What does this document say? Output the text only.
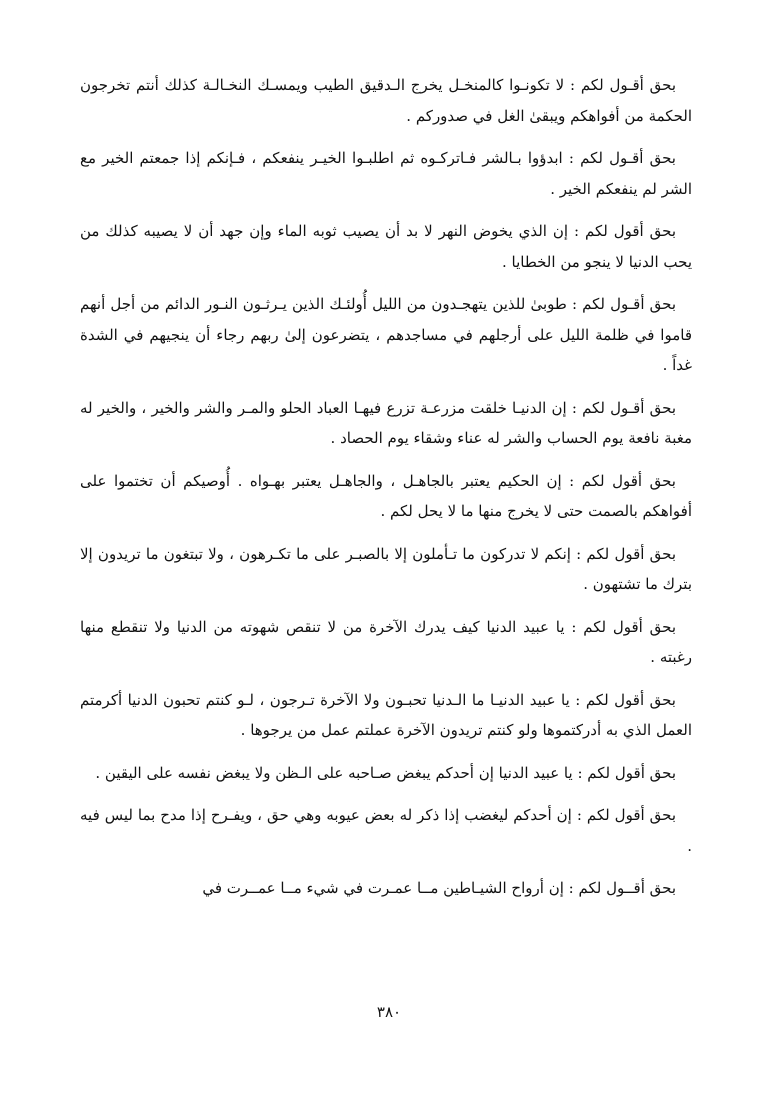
بحق أقـول لكم : لا تكونـوا كالمنخـل يخرج الـدقيق الطيب ويمسـك النخـالـة كذلك أنتم تخرجون الحكمة من أفواهكم ويبقىٰ الغل في صدوركم .

بحق أقـول لكم : ابدؤوا بـالشر فـاتركـوه ثم اطلبـوا الخيـر ينفعكم ، فـإنكم إذا جمعتم الخير مع الشر لم ينفعكم الخير .

بحق أقول لكم : إن الذي يخوض النهر لا بد أن يصيب ثوبه الماء وإن جهد أن لا يصيبه كذلك من يحب الدنيا لا ينجو من الخطايا .

بحق أقـول لكم : طوبىٰ للذين يتهجـدون من الليل أُولئـك الذين يـرثـون النـور الدائم من أجل أنهم قاموا في ظلمة الليل على أرجلهم في مساجدهم ، يتضرعون إلىٰ ربهم رجاء أن ينجيهم في الشدة غداً .

بحق أقـول لكم : إن الدنيـا خلقت مزرعـة تزرع فيهـا العباد الحلو والمـر والشر والخير ، والخير له مغبة نافعة يوم الحساب والشر له عناء وشقاء يوم الحصاد .

بحق أقول لكم : إن الحكيم يعتبر بالجاهـل ، والجاهـل يعتبر بهـواه . أُوصيكم أن تختموا على أفواهكم بالصمت حتى لا يخرج منها ما لا يحل لكم .

بحق أقول لكم : إنكم لا تدركون ما تـأملون إلا بالصبـر على ما تكـرهون ، ولا تبتغون ما تريدون إلا بترك ما تشتهون .

بحق أقول لكم : يا عبيد الدنيا كيف يدرك الآخرة من لا تنقص شهوته من الدنيا ولا تنقطع منها رغبته .

بحق أقول لكم : يا عبيد الدنيـا ما الـدنيا تحبـون ولا الآخرة تـرجون ، لـو كنتم تحبون الدنيا أكرمتم العمل الذي به أدركتموها ولو كنتم تريدون الآخرة عملتم عمل من يرجوها .

بحق أقول لكم : يا عبيد الدنيا إن أحدكم يبغض صـاحبه على الـظن ولا يبغض نفسه على اليقين .

بحق أقول لكم : إن أحدكم ليغضب إذا ذكر له بعض عيوبه وهي حق ، ويفـرح إذا مدح بما ليس فيه .

بحق أقــول لكم : إن أرواح الشيـاطين مــا عمـرت في شيء مــا عمــرت في

٣٨٠
